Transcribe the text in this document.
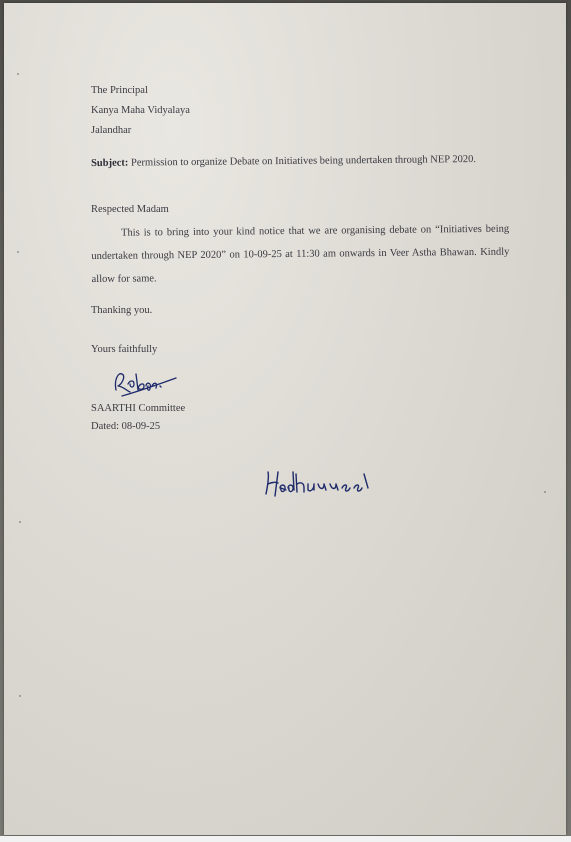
The Principal
Kanya Maha Vidyalaya
Jalandhar
Subject: Permission to organize Debate on Initiatives being undertaken through NEP 2020.
Respected Madam
This is to bring into your kind notice that we are organising debate on “Initiatives being undertaken through NEP 2020” on 10-09-25 at 11:30 am onwards in Veer Astha Bhawan. Kindly allow for same.
Thanking you.
Yours faithfully
SAARTHI Committee
Dated: 08-09-25
